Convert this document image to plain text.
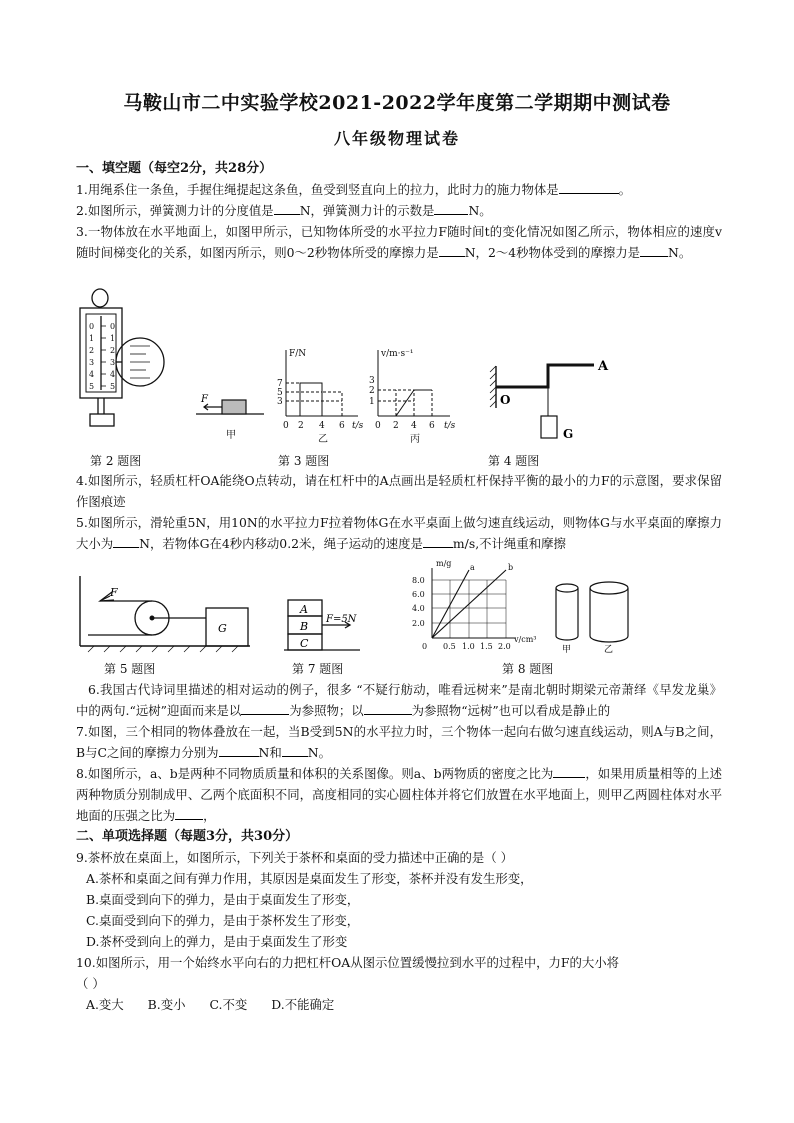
马鞍山市二中实验学校2021-2022学年度第二学期期中测试卷
八年级物理试卷
一、填空题（每空2分，共28分）

1.用绳系住一条鱼，手握住绳提起这条鱼，鱼受到竖直向上的拉力，此时力的施力物体是	。

2.如图所示，弹簧测力计的分度值是 N，弹簧测力计的示数是	N。

3.一物体放在水平地面上，如图甲所示，已知物体所受的水平拉力F随时间t的变化情况如图乙所示，物体相应的速度v随时间梯变化的关系，如图丙所示，则0～2秒物体所受的摩擦力是 N，2～4秒物体受到的摩擦力是 N。

0
1
2
3
4
5
0
1
2
3
4
5
F
甲
F/N
7
5
3
0 2 4 6 t/s
乙
v/m·s⁻¹
3
2
1
0 2 4 6 t/s
丙
A
O
G
第 2 题图	第 3 题图	第 4 题图

4.如图所示，轻质杠杆OA能绕O点转动，请在杠杆中的A点画出是轻质杠杆保持平衡的最小的力F的示意图，要求保留作图痕迹

5.如图所示，滑轮重5N，用10N的水平拉力F拉着物体G在水平桌面上做匀速直线运动，则物体G与水平桌面的摩擦力大小为 N，若物体G在4秒内移动0.2米，绳子运动的速度是 m/s,不计绳重和摩擦

F
G
A
B
C
F=5N
m/g a	b
8.0
6.0
4.0
2.0
0 0.5 1.0 1.5 2.0
v/cm³
甲	乙
第 5 题图	第 7 题图	第 8 题图

6.我国古代诗词里描述的相对运动的例子，很多 “不疑行舫动，唯看远树来”是南北朝时期梁元帝萧绎《早发龙巢》中的两句.“远树”迎面而来是以	为参照物；以	为参照物“远树”也可以看成是静止的

7.如图，三个相同的物体叠放在一起，当B受到5N的水平拉力时，三个物体一起向右做匀速直线运动，则A与B之间，B与C之间的摩擦力分别为	N和 N。

8.如图所示，a、b是两种不同物质质量和体积的关系图像。则a、b两物质的密度之比为	，如果用质量相等的上述两种物质分别制成甲、乙两个底面积不同，高度相同的实心圆柱体并将它们放置在水平地面上，则甲乙两圆柱体对水平地面的压强之比为 ，

二、单项选择题（每题3分，共30分）

9.茶杯放在桌面上，如图所示，下列关于茶杯和桌面的受力描述中正确的是（ ）

A.茶杯和桌面之间有弹力作用，其原因是桌面发生了形变，茶杯并没有发生形变，

B.桌面受到向下的弹力，是由于桌面发生了形变，

C.桌面受到向下的弹力，是由于茶杯发生了形变，

D.茶杯受到向上的弹力，是由于桌面发生了形变

10.如图所示，用一个始终水平向右的力把杠杆OA从图示位置缓慢拉到水平的过程中，力F的大小将

（ ）

A.变大 B.变小 C.不变 D.不能确定
